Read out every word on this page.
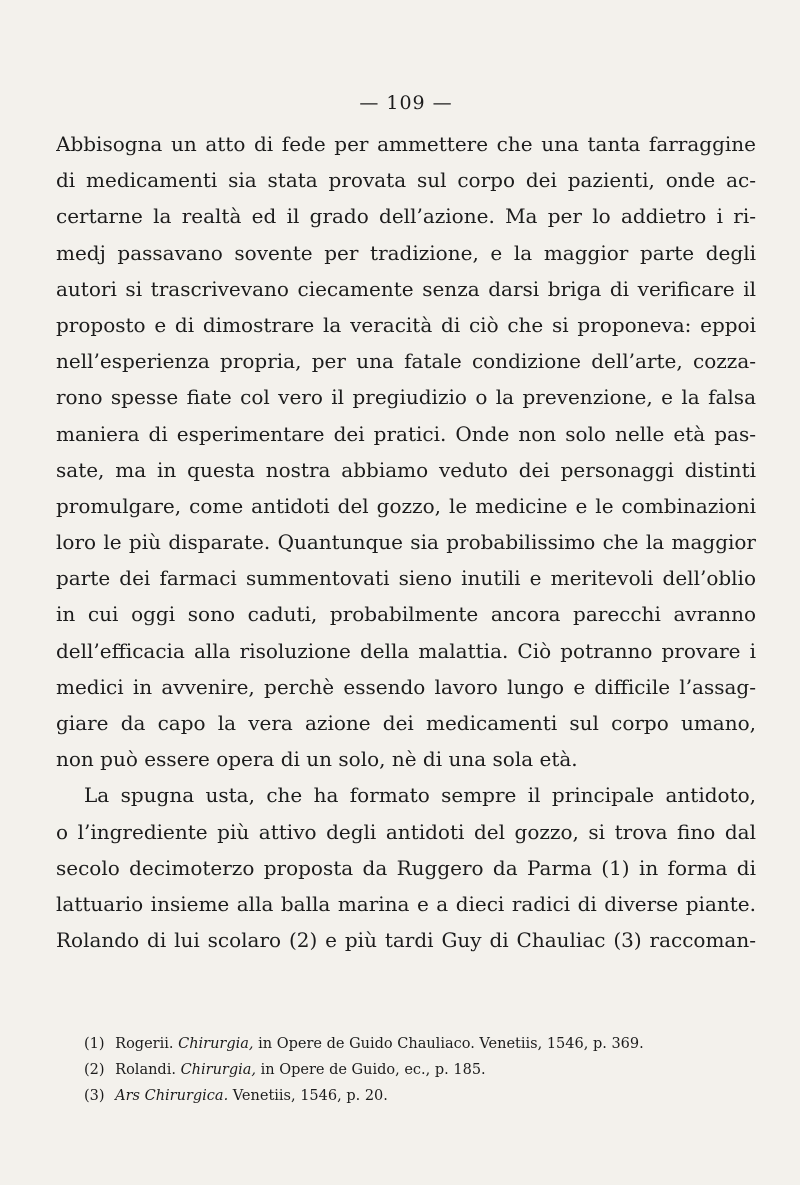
— 109 —
Abbisogna un atto di fede per ammettere che una tanta farraggine
di medicamenti sia stata provata sul corpo dei pazienti, onde ac-
certarne la realtà ed il grado dell’azione. Ma per lo addietro i ri-
medj passavano sovente per tradizione, e la maggior parte degli
autori si trascrivevano ciecamente senza darsi briga di verificare il
proposto e di dimostrare la veracità di ciò che si proponeva: eppoi
nell’esperienza propria, per una fatale condizione dell’arte, cozza-
rono spesse fiate col vero il pregiudizio o la prevenzione, e la falsa
maniera di esperimentare dei pratici. Onde non solo nelle età pas-
sate, ma in questa nostra abbiamo veduto dei personaggi distinti
promulgare, come antidoti del gozzo, le medicine e le combinazioni
loro le più disparate. Quantunque sia probabilissimo che la maggior
parte dei farmaci summentovati sieno inutili e meritevoli dell’oblio
in cui oggi sono caduti, probabilmente ancora parecchi avranno
dell’efficacia alla risoluzione della malattia. Ciò potranno provare i
medici in avvenire, perchè essendo lavoro lungo e difficile l’assag-
giare da capo la vera azione dei medicamenti sul corpo umano,
non può essere opera di un solo, nè di una sola età.
La spugna usta, che ha formato sempre il principale antidoto,
o l’ingrediente più attivo degli antidoti del gozzo, si trova fino dal
secolo decimoterzo proposta da Ruggero da Parma (1) in forma di
lattuario insieme alla balla marina e a dieci radici di diverse piante.
Rolando di lui scolaro (2) e più tardi Guy di Chauliac (3) raccoman-
(1) Rogerii. Chirurgia, in Opere de Guido Chauliaco. Venetiis, 1546, p. 369.
(2) Rolandi. Chirurgia, in Opere de Guido, ec., p. 185.
(3) Ars Chirurgica. Venetiis, 1546, p. 20.
